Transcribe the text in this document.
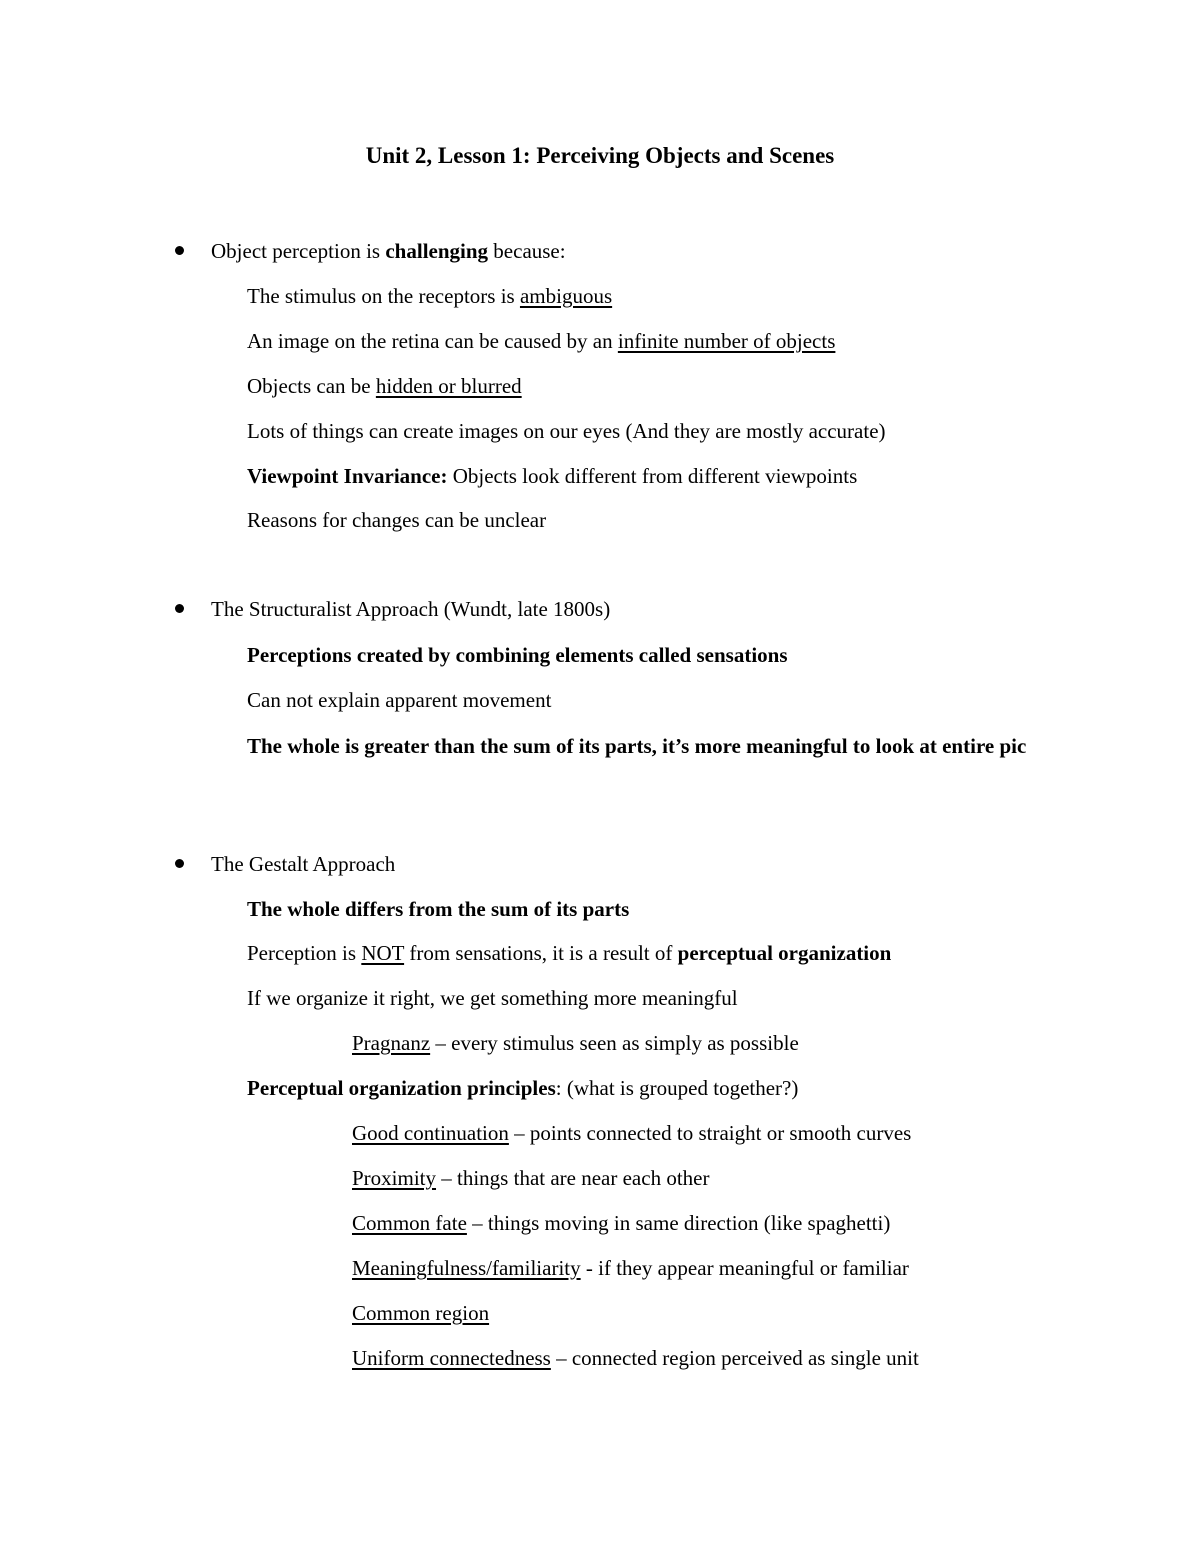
Unit 2, Lesson 1: Perceiving Objects and Scenes
Object perception is challenging because:
The stimulus on the receptors is ambiguous
An image on the retina can be caused by an infinite number of objects
Objects can be hidden or blurred
Lots of things can create images on our eyes (And they are mostly accurate)
Viewpoint Invariance: Objects look different from different viewpoints
Reasons for changes can be unclear
The Structuralist Approach (Wundt, late 1800s)
Perceptions created by combining elements called sensations
Can not explain apparent movement
The whole is greater than the sum of its parts, it’s more meaningful to look at entire pic
The Gestalt Approach
The whole differs from the sum of its parts
Perception is NOT from sensations, it is a result of perceptual organization
If we organize it right, we get something more meaningful
Pragnanz – every stimulus seen as simply as possible
Perceptual organization principles: (what is grouped together?)
Good continuation – points connected to straight or smooth curves
Proximity – things that are near each other
Common fate – things moving in same direction (like spaghetti)
Meaningfulness/familiarity - if they appear meaningful or familiar
Common region
Uniform connectedness – connected region perceived as single unit
